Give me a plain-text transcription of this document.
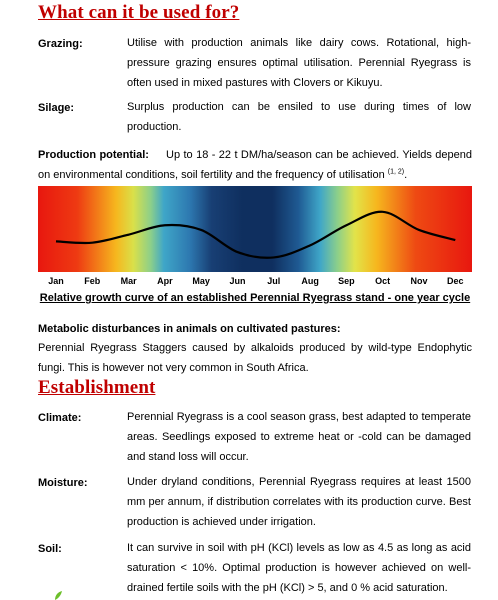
What can it be used for?
Grazing:	Utilise with production animals like dairy cows. Rotational, high-pressure grazing ensures optimal utilisation. Perennial Ryegrass is often used in mixed pastures with Clovers or Kikuyu.
Silage:	Surplus production can be ensiled to use during times of low production.
Production potential: Up to 18 - 22 t DM/ha/season can be achieved. Yields depend on environmental conditions, soil fertility and the frequency of utilisation $^{(1, 2)}$.
Jan	Feb	Mar	Apr	May	Jun	Jul	Aug	Sep	Oct	Nov	Dec
Relative growth curve of an established Perennial Ryegrass stand - one year cycle
Metabolic disturbances in animals on cultivated pastures:
Perennial Ryegrass Staggers caused by alkaloids produced by wild-type Endophytic fungi. This is however not very common in South Africa.
Establishment
Climate:	Perennial Ryegrass is a cool season grass, best adapted to temperate areas. Seedlings exposed to extreme heat or -cold can be damaged and stand loss will occur.
Moisture:	Under dryland conditions, Perennial Ryegrass requires at least 1500 mm per annum, if distribution correlates with its production curve. Best production is achieved under irrigation.
Soil:	It can survive in soil with pH (KCl) levels as low as 4.5 as long as acid saturation < 10%. Optimal production is however achieved on well-drained fertile soils with the pH (KCl) > 5, and 0 % acid saturation.
